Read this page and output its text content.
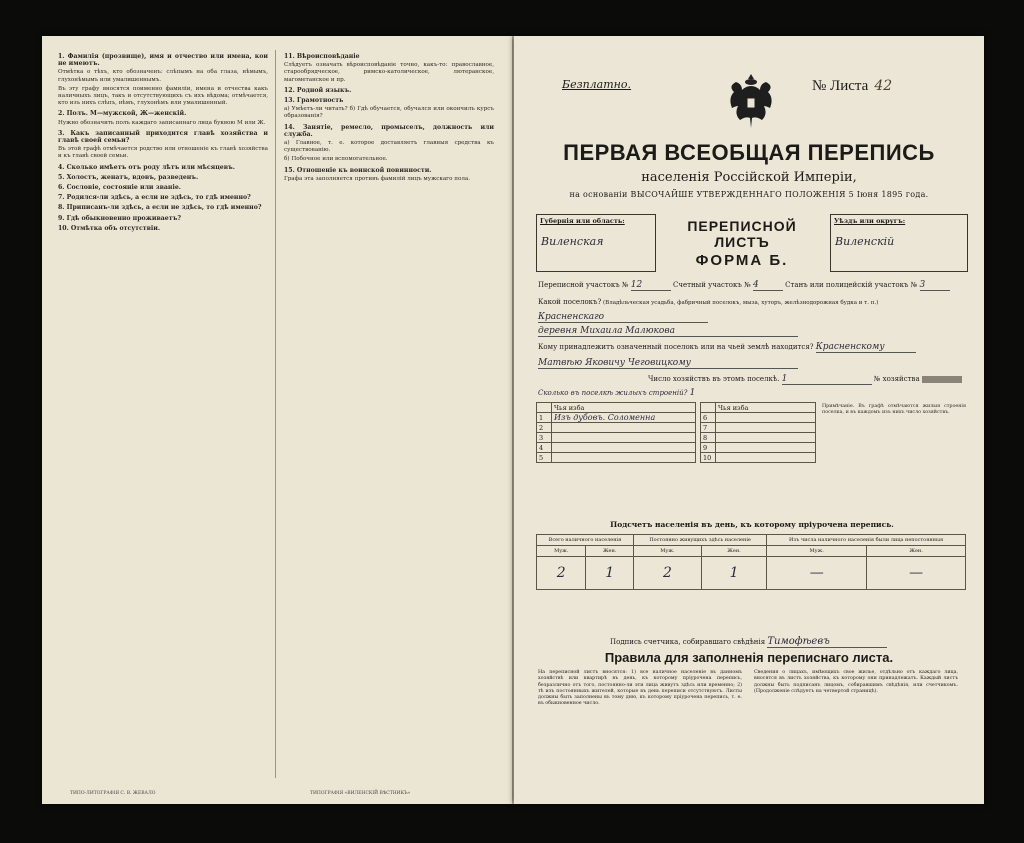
1. Фамилія (прозвище), имя и отчество или имена, кои не имеютъ.

Отмѣтка о тѣхъ, кто обозначенъ: слѣпымъ на оба глаза, нѣмымъ, глухонѣмымъ или умалишеннымъ.

Въ эту графу вносятся поименно фамиліи, имена и отчества какъ наличныхъ лицъ, такъ и отсутствующихъ съ ихъ вѣдома; отмѣчается, кто изъ нихъ слѣпъ, нѣмъ, глухонѣмъ или умалишенный.

2. Полъ. М—мужской, Ж—женскій.

Нужно обозначить полъ каждаго записаннаго лица буквою М или Ж.

3. Какъ записанный приходится главѣ хозяйства и главѣ своей семьи?

Въ этой графѣ отмѣчается родство или отношеніе къ главѣ хозяйства и къ главѣ своей семьи.

4. Сколько имѣетъ отъ роду лѣтъ или мѣсяцевъ.
5. Холостъ, женатъ, вдовъ, разведенъ.
6. Сословіе, состояніе или званіе.
7. Родился-ли здѣсь, а если не здѣсь, то гдѣ именно?
8. Приписанъ-ли здѣсь, а если не здѣсь, то гдѣ именно?
9. Гдѣ обыкновенно проживаетъ?
10. Отмѣтка объ отсутствіи.
11. Вѣроисповѣданіе

Слѣдуетъ означать вѣроисповѣданіе точно, какъ-то: православное, старообрядческое, римско-католическое, лютеранское, магометанское и пр.

12. Родной языкъ.
13. Грамотность

а) Умѣетъ-ли читать? б) Гдѣ обучается, обучался или окончилъ курсъ образованія?

14. Занятіе, ремесло, промыселъ, должность или служба.

а) Главное, т. е. которое доставляетъ главныя средства къ существованію.

б) Побочное или вспомогательное.

15. Отношеніе къ воинской повинности.

Графа эта заполняется противъ фамилій лицъ мужскаго пола.

ТИПО-ЛИТОГРАФІЯ С. В. ЖЕВАЛО	ТИПОГРАФІЯ «ВИЛЕНСКІЙ ВѢСТНИКЪ»
Безплатно.	№ Листа 42
ПЕРВАЯ ВСЕОБЩАЯ ПЕРЕПИСЬ
населенія Россійской Имперіи,
на основаніи ВЫСОЧАЙШЕ УТВЕРЖДЕННАГО ПОЛОЖЕНІЯ 5 Іюня 1895 года.
Губернія или область:
Виленская
ПЕРЕПИСНОЙ ЛИСТЪ
ФОРМА Б.
Уѣздъ или округъ:
Виленскій
Переписной участокъ № 12	Счетный участокъ № 4	Станъ или полицейскій участокъ № 3
Какой поселокъ? (Владѣльческая усадьба, фабричный поселокъ, мыза, хуторъ, желѣзнодорожная будка и т. п.)
Красненскаго
деревня Михаила Малюкова
Кому принадлежитъ означенный поселокъ или на чьей землѣ находится? Красненскому
Матвѣю Яковичу Чеговицкому
Число хозяйствъ въ этомъ поселкѣ. 1	№ хозяйства
Сколько въ поселкѣ жилыхъ строеній? 1
	Чья изба
1	Изъ дубовъ. Соломенна
2	
3	
4	
5	
	Чья изба
6	
7	
8	
9	
10	
Примѣчаніе. Въ графѣ отмѣчаются жилыя строенія поселка, и въ каждомъ изъ нихъ число хозяйствъ.
Подсчетъ населенія въ день, къ которому пріурочена перепись.
Всего наличного населенія		Постоянно живущихъ здѣсь населеніе		Изъ числа наличного населенія были лица непостоянныя	
Муж.	Жен.	Муж.	Жен.	Муж.	Жен.
2	1	2	1	—	—
Подпись счетчика, собиравшаго свѣдѣнія Тимофѣевъ
Правила для заполненія переписнаго листа.
На переписной листъ вносятся: 1) все наличное населеніе въ данномъ хозяйствѣ или квартирѣ въ день, къ которому пріурочена перепись, безразлично отъ того, постоянно-ли эти лица живутъ здѣсь или временно; 2) тѣ изъ постоянныхъ жителей, которые въ день переписи отсутствуютъ. Листы должны быть заполнены въ тому дню, къ которому пріурочена перепись, т. е. въ обыкновенное число.
Сведения о лицахъ, имѣющихъ свое жилье, отдѣльно отъ каждаго лица, вносятся въ листъ хозяйства, къ которому они принадлежатъ. Каждый листъ должны быть подписанъ лицомъ, собиравшимъ свѣдѣнія, или счетчикомъ. (Продолженіе слѣдуетъ на четвертой страницѣ).
